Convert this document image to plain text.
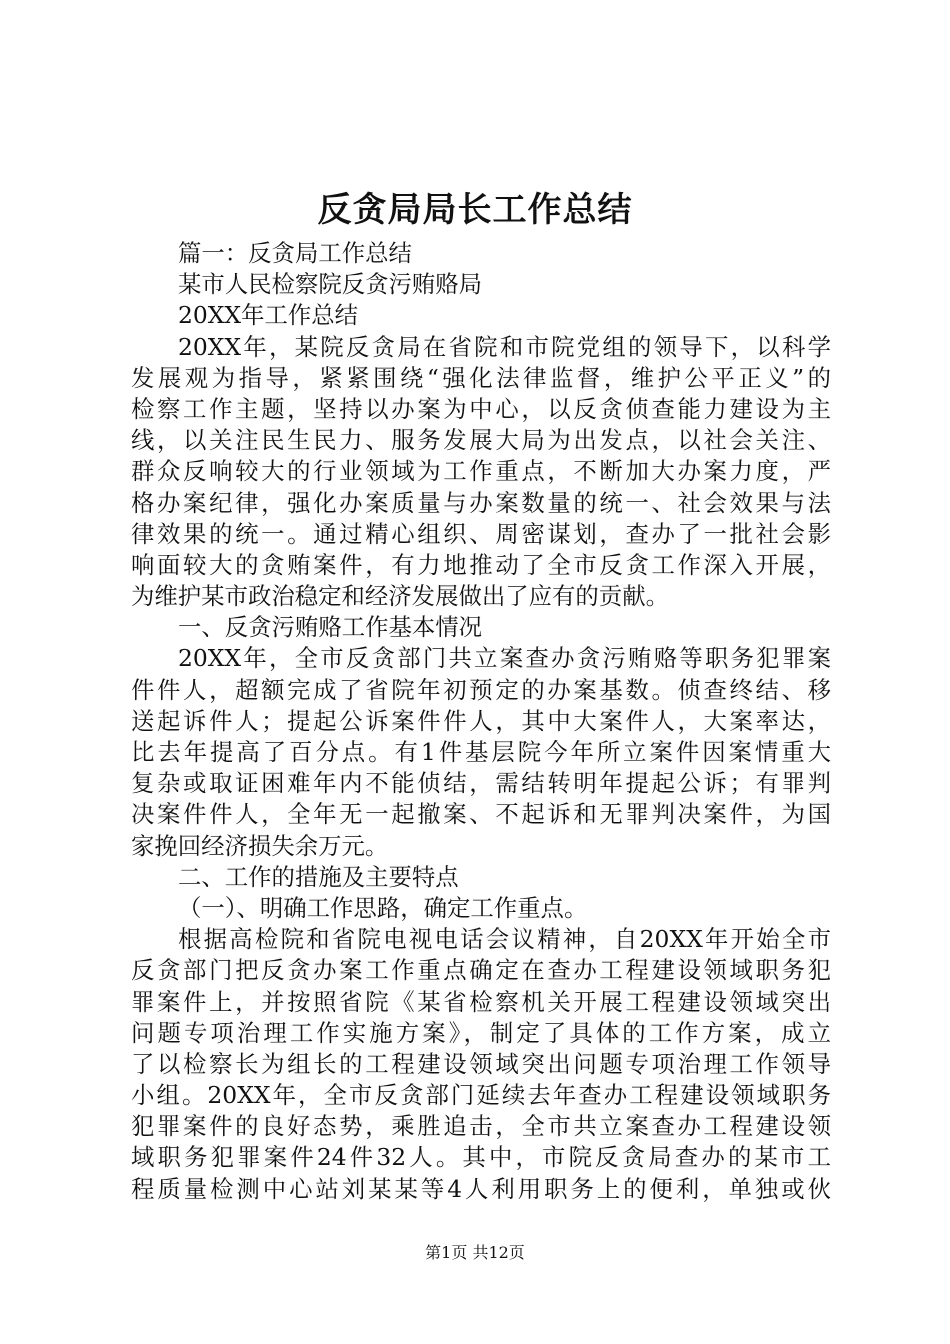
反贪局局长工作总结
篇一：反贪局工作总结
某市人民检察院反贪污贿赂局
20XX年工作总结
20XX年，某院反贪局在省院和市院党组的领导下，以科学
发展观为指导，紧紧围绕“强化法律监督，维护公平正义”的
检察工作主题，坚持以办案为中心，以反贪侦查能力建设为主
线，以关注民生民力、服务发展大局为出发点，以社会关注、
群众反响较大的行业领域为工作重点，不断加大办案力度，严
格办案纪律，强化办案质量与办案数量的统一、社会效果与法
律效果的统一。通过精心组织、周密谋划，查办了一批社会影
响面较大的贪贿案件，有力地推动了全市反贪工作深入开展，
为维护某市政治稳定和经济发展做出了应有的贡献。
一、反贪污贿赂工作基本情况
20XX年，全市反贪部门共立案查办贪污贿赂等职务犯罪案
件件人，超额完成了省院年初预定的办案基数。侦查终结、移
送起诉件人；提起公诉案件件人，其中大案件人，大案率达，
比去年提高了百分点。有1件基层院今年所立案件因案情重大
复杂或取证困难年内不能侦结，需结转明年提起公诉；有罪判
决案件件人，全年无一起撤案、不起诉和无罪判决案件，为国
家挽回经济损失余万元。
二、工作的措施及主要特点
（一）、明确工作思路，确定工作重点。
根据高检院和省院电视电话会议精神，自20XX年开始全市
反贪部门把反贪办案工作重点确定在查办工程建设领域职务犯
罪案件上，并按照省院《某省检察机关开展工程建设领域突出
问题专项治理工作实施方案》，制定了具体的工作方案，成立
了以检察长为组长的工程建设领域突出问题专项治理工作领导
小组。20XX年，全市反贪部门延续去年查办工程建设领域职务
犯罪案件的良好态势，乘胜追击，全市共立案查办工程建设领
域职务犯罪案件24件32人。其中，市院反贪局查办的某市工
程质量检测中心站刘某某等4人利用职务上的便利，单独或伙
第1页 共12页
